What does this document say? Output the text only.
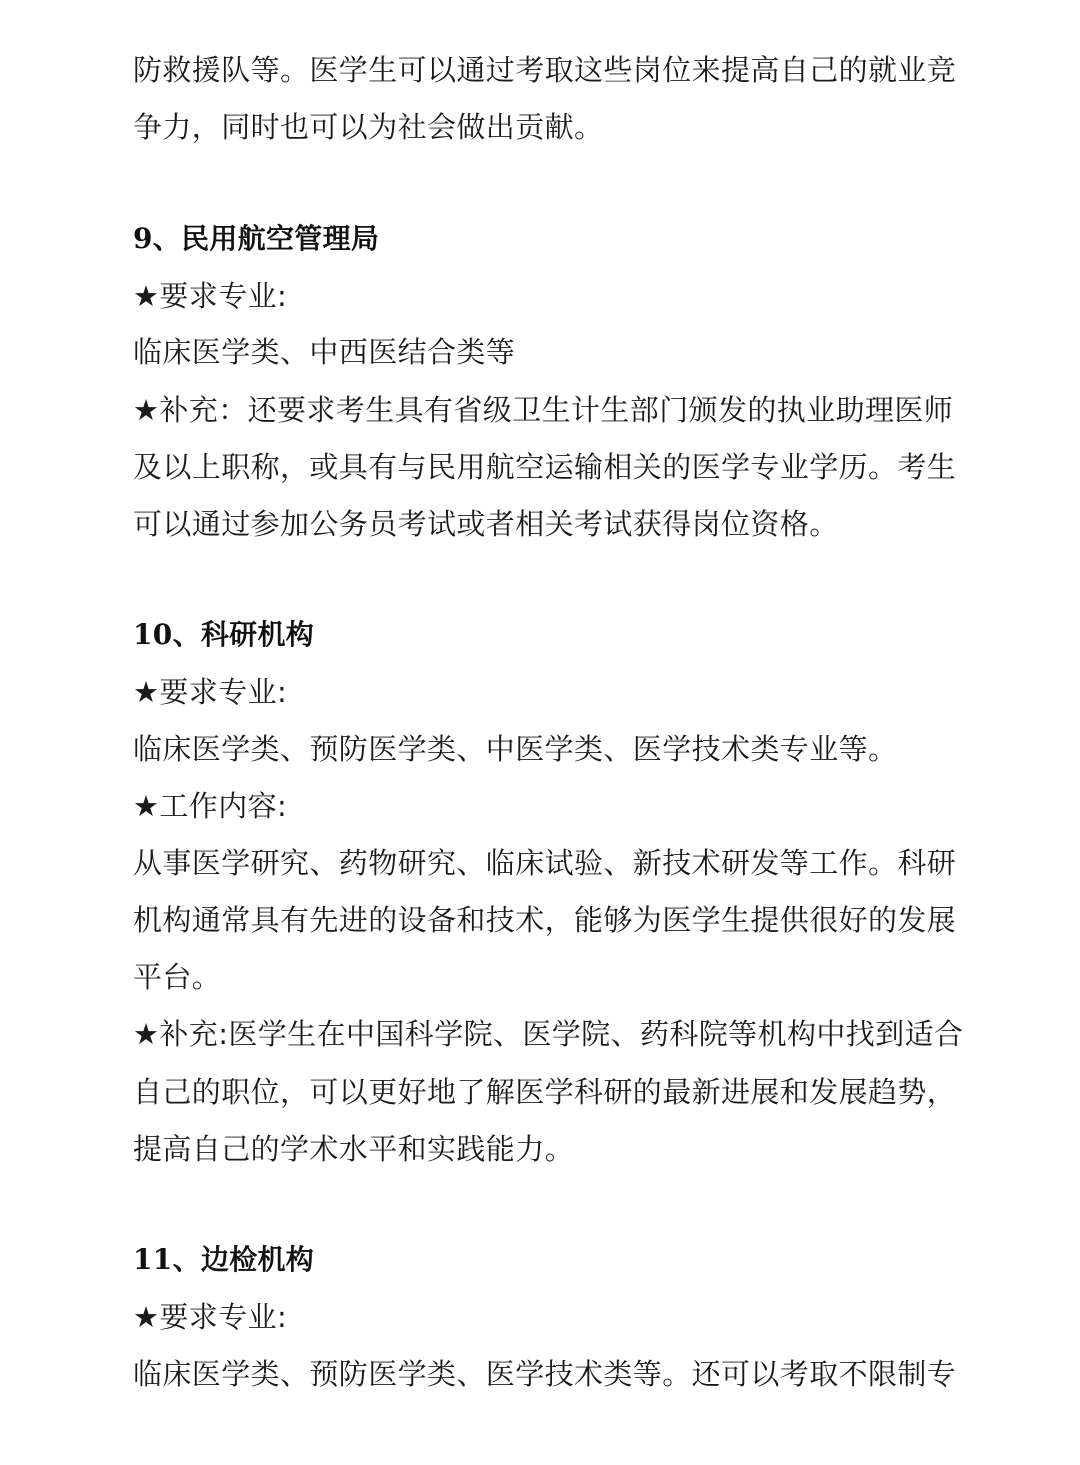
防救援队等。医学生可以通过考取这些岗位来提高自己的就业竞
争力，同时也可以为社会做出贡献。
9、民用航空管理局
★要求专业:
临床医学类、中西医结合类等
★补充：还要求考生具有省级卫生计生部门颁发的执业助理医师
及以上职称，或具有与民用航空运输相关的医学专业学历。考生
可以通过参加公务员考试或者相关考试获得岗位资格。
10、科研机构
★要求专业:
临床医学类、预防医学类、中医学类、医学技术类专业等。
★工作内容:
从事医学研究、药物研究、临床试验、新技术研发等工作。科研
机构通常具有先进的设备和技术，能够为医学生提供很好的发展
平台。
★补充:医学生在中国科学院、医学院、药科院等机构中找到适合
自己的职位，可以更好地了解医学科研的最新进展和发展趋势，
提高自己的学术水平和实践能力。
11、边检机构
★要求专业:
临床医学类、预防医学类、医学技术类等。还可以考取不限制专
